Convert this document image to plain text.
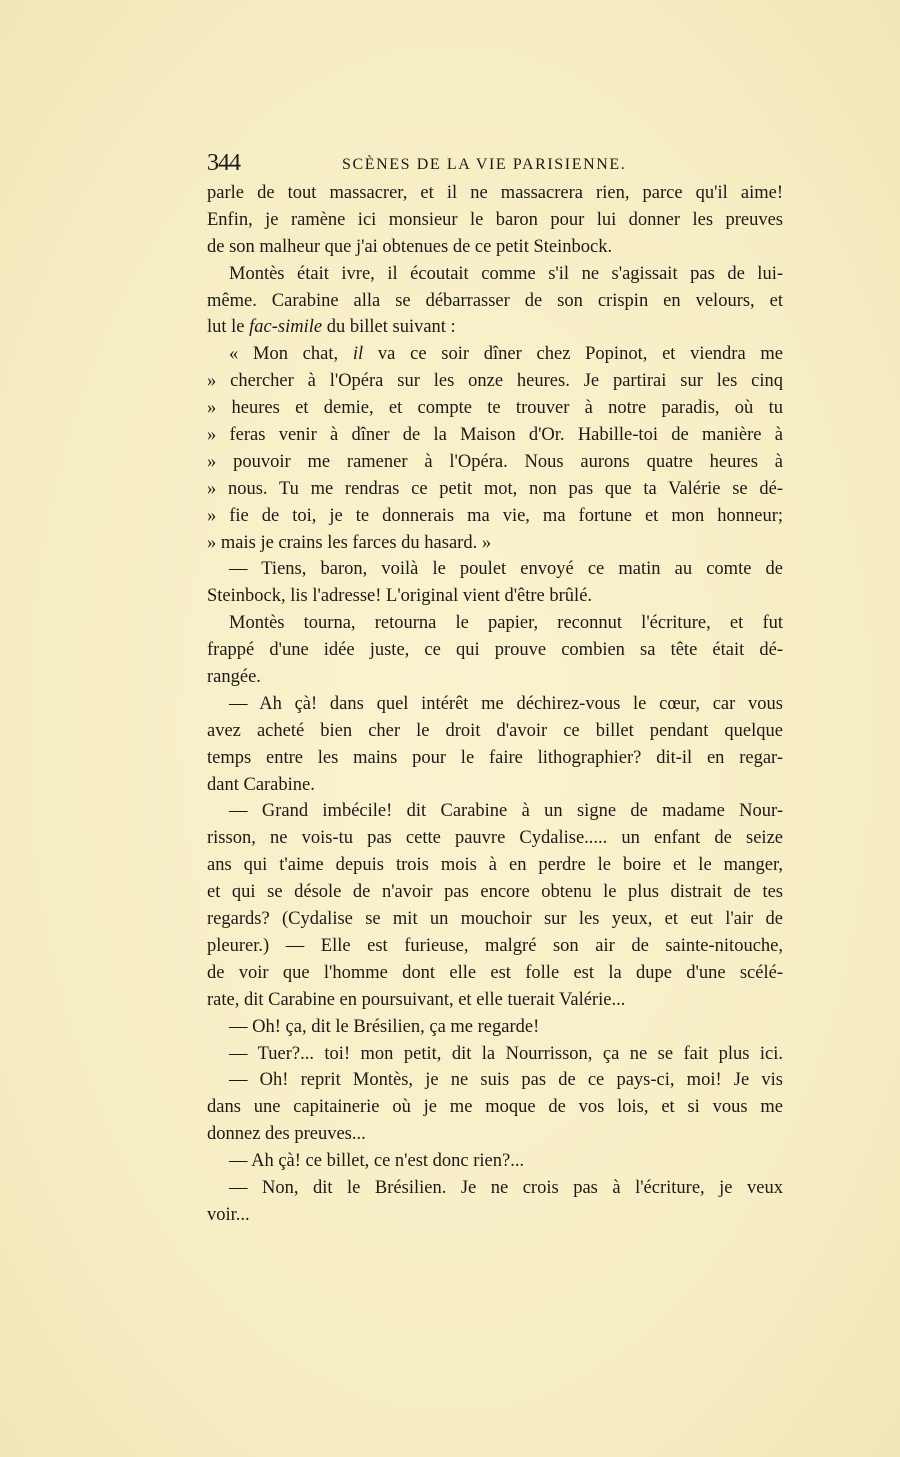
344	SCÈNES DE LA VIE PARISIENNE.
parle de tout massacrer, et il ne massacrera rien, parce qu'il aime!
Enfin, je ramène ici monsieur le baron pour lui donner les preuves
de son malheur que j'ai obtenues de ce petit Steinbock.
Montès était ivre, il écoutait comme s'il ne s'agissait pas de lui-
même. Carabine alla se débarrasser de son crispin en velours, et
lut le fac-simile du billet suivant :
« Mon chat, il va ce soir dîner chez Popinot, et viendra me
» chercher à l'Opéra sur les onze heures. Je partirai sur les cinq
» heures et demie, et compte te trouver à notre paradis, où tu
» feras venir à dîner de la Maison d'Or. Habille-toi de manière à
» pouvoir me ramener à l'Opéra. Nous aurons quatre heures à
» nous. Tu me rendras ce petit mot, non pas que ta Valérie se dé-
» fie de toi, je te donnerais ma vie, ma fortune et mon honneur;
» mais je crains les farces du hasard. »
— Tiens, baron, voilà le poulet envoyé ce matin au comte de
Steinbock, lis l'adresse! L'original vient d'être brûlé.
Montès tourna, retourna le papier, reconnut l'écriture, et fut
frappé d'une idée juste, ce qui prouve combien sa tête était dé-
rangée.
— Ah çà! dans quel intérêt me déchirez-vous le cœur, car vous
avez acheté bien cher le droit d'avoir ce billet pendant quelque
temps entre les mains pour le faire lithographier? dit-il en regar-
dant Carabine.
— Grand imbécile! dit Carabine à un signe de madame Nour-
risson, ne vois-tu pas cette pauvre Cydalise..... un enfant de seize
ans qui t'aime depuis trois mois à en perdre le boire et le manger,
et qui se désole de n'avoir pas encore obtenu le plus distrait de tes
regards? (Cydalise se mit un mouchoir sur les yeux, et eut l'air de
pleurer.) — Elle est furieuse, malgré son air de sainte-nitouche,
de voir que l'homme dont elle est folle est la dupe d'une scélé-
rate, dit Carabine en poursuivant, et elle tuerait Valérie...
— Oh! ça, dit le Brésilien, ça me regarde!
— Tuer?... toi! mon petit, dit la Nourrisson, ça ne se fait plus ici.
— Oh! reprit Montès, je ne suis pas de ce pays-ci, moi! Je vis
dans une capitainerie où je me moque de vos lois, et si vous me
donnez des preuves...
— Ah çà! ce billet, ce n'est donc rien?...
— Non, dit le Brésilien. Je ne crois pas à l'écriture, je veux
voir...
